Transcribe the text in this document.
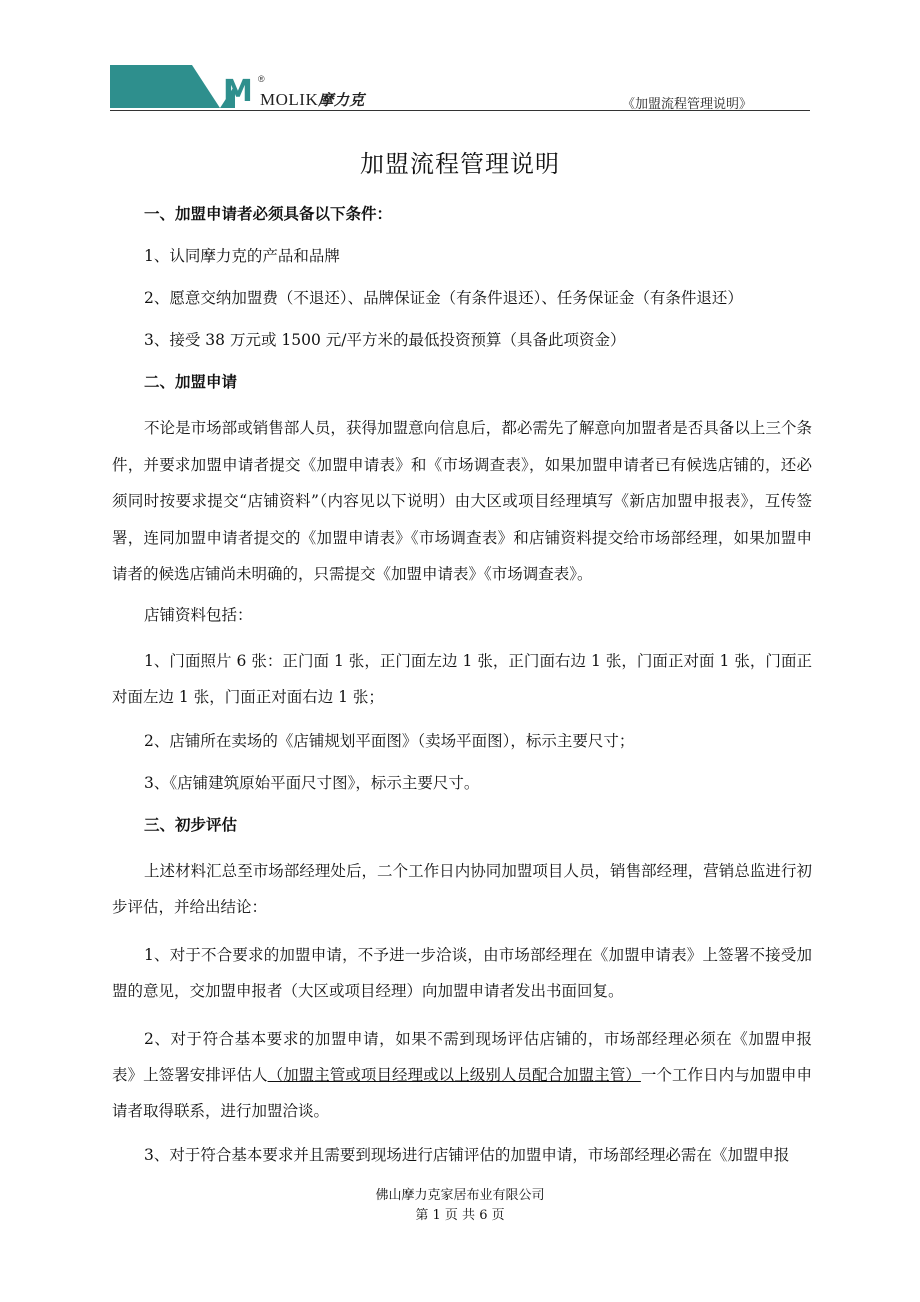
M ®
MOLIK摩力克	《加盟流程管理说明》
加盟流程管理说明

一、加盟申请者必须具备以下条件：

1、认同摩力克的产品和品牌

2、愿意交纳加盟费（不退还）、品牌保证金（有条件退还）、任务保证金（有条件退还）

3、接受 38 万元或 1500 元/平方米的最低投资预算（具备此项资金）

二、加盟申请

不论是市场部或销售部人员，获得加盟意向信息后，都必需先了解意向加盟者是否具备以上三个条件，并要求加盟申请者提交《加盟申请表》和《市场调查表》，如果加盟申请者已有候选店铺的，还必须同时按要求提交“店铺资料”（内容见以下说明）由大区或项目经理填写《新店加盟申报表》，互传签署，连同加盟申请者提交的《加盟申请表》《市场调查表》和店铺资料提交给市场部经理，如果加盟申请者的候选店铺尚未明确的，只需提交《加盟申请表》《市场调查表》。

店铺资料包括：

1、门面照片 6 张：正门面 1 张，正门面左边 1 张，正门面右边 1 张，门面正对面 1 张，门面正对面左边 1 张，门面正对面右边 1 张；

2、店铺所在卖场的《店铺规划平面图》（卖场平面图），标示主要尺寸；

3、《店铺建筑原始平面尺寸图》，标示主要尺寸。

三、初步评估

上述材料汇总至市场部经理处后，二个工作日内协同加盟项目人员，销售部经理，营销总监进行初步评估，并给出结论：

1、对于不合要求的加盟申请，不予进一步洽谈，由市场部经理在《加盟申请表》上签署不接受加盟的意见，交加盟申报者（大区或项目经理）向加盟申请者发出书面回复。

2、对于符合基本要求的加盟申请，如果不需到现场评估店铺的，市场部经理必须在《加盟申报表》上签署安排评估人（加盟主管或项目经理或以上级别人员配合加盟主管）一个工作日内与加盟申申请者取得联系，进行加盟洽谈。

3、对于符合基本要求并且需要到现场进行店铺评估的加盟申请，市场部经理必需在《加盟申报

佛山摩力克家居布业有限公司
第 1 页 共 6 页
